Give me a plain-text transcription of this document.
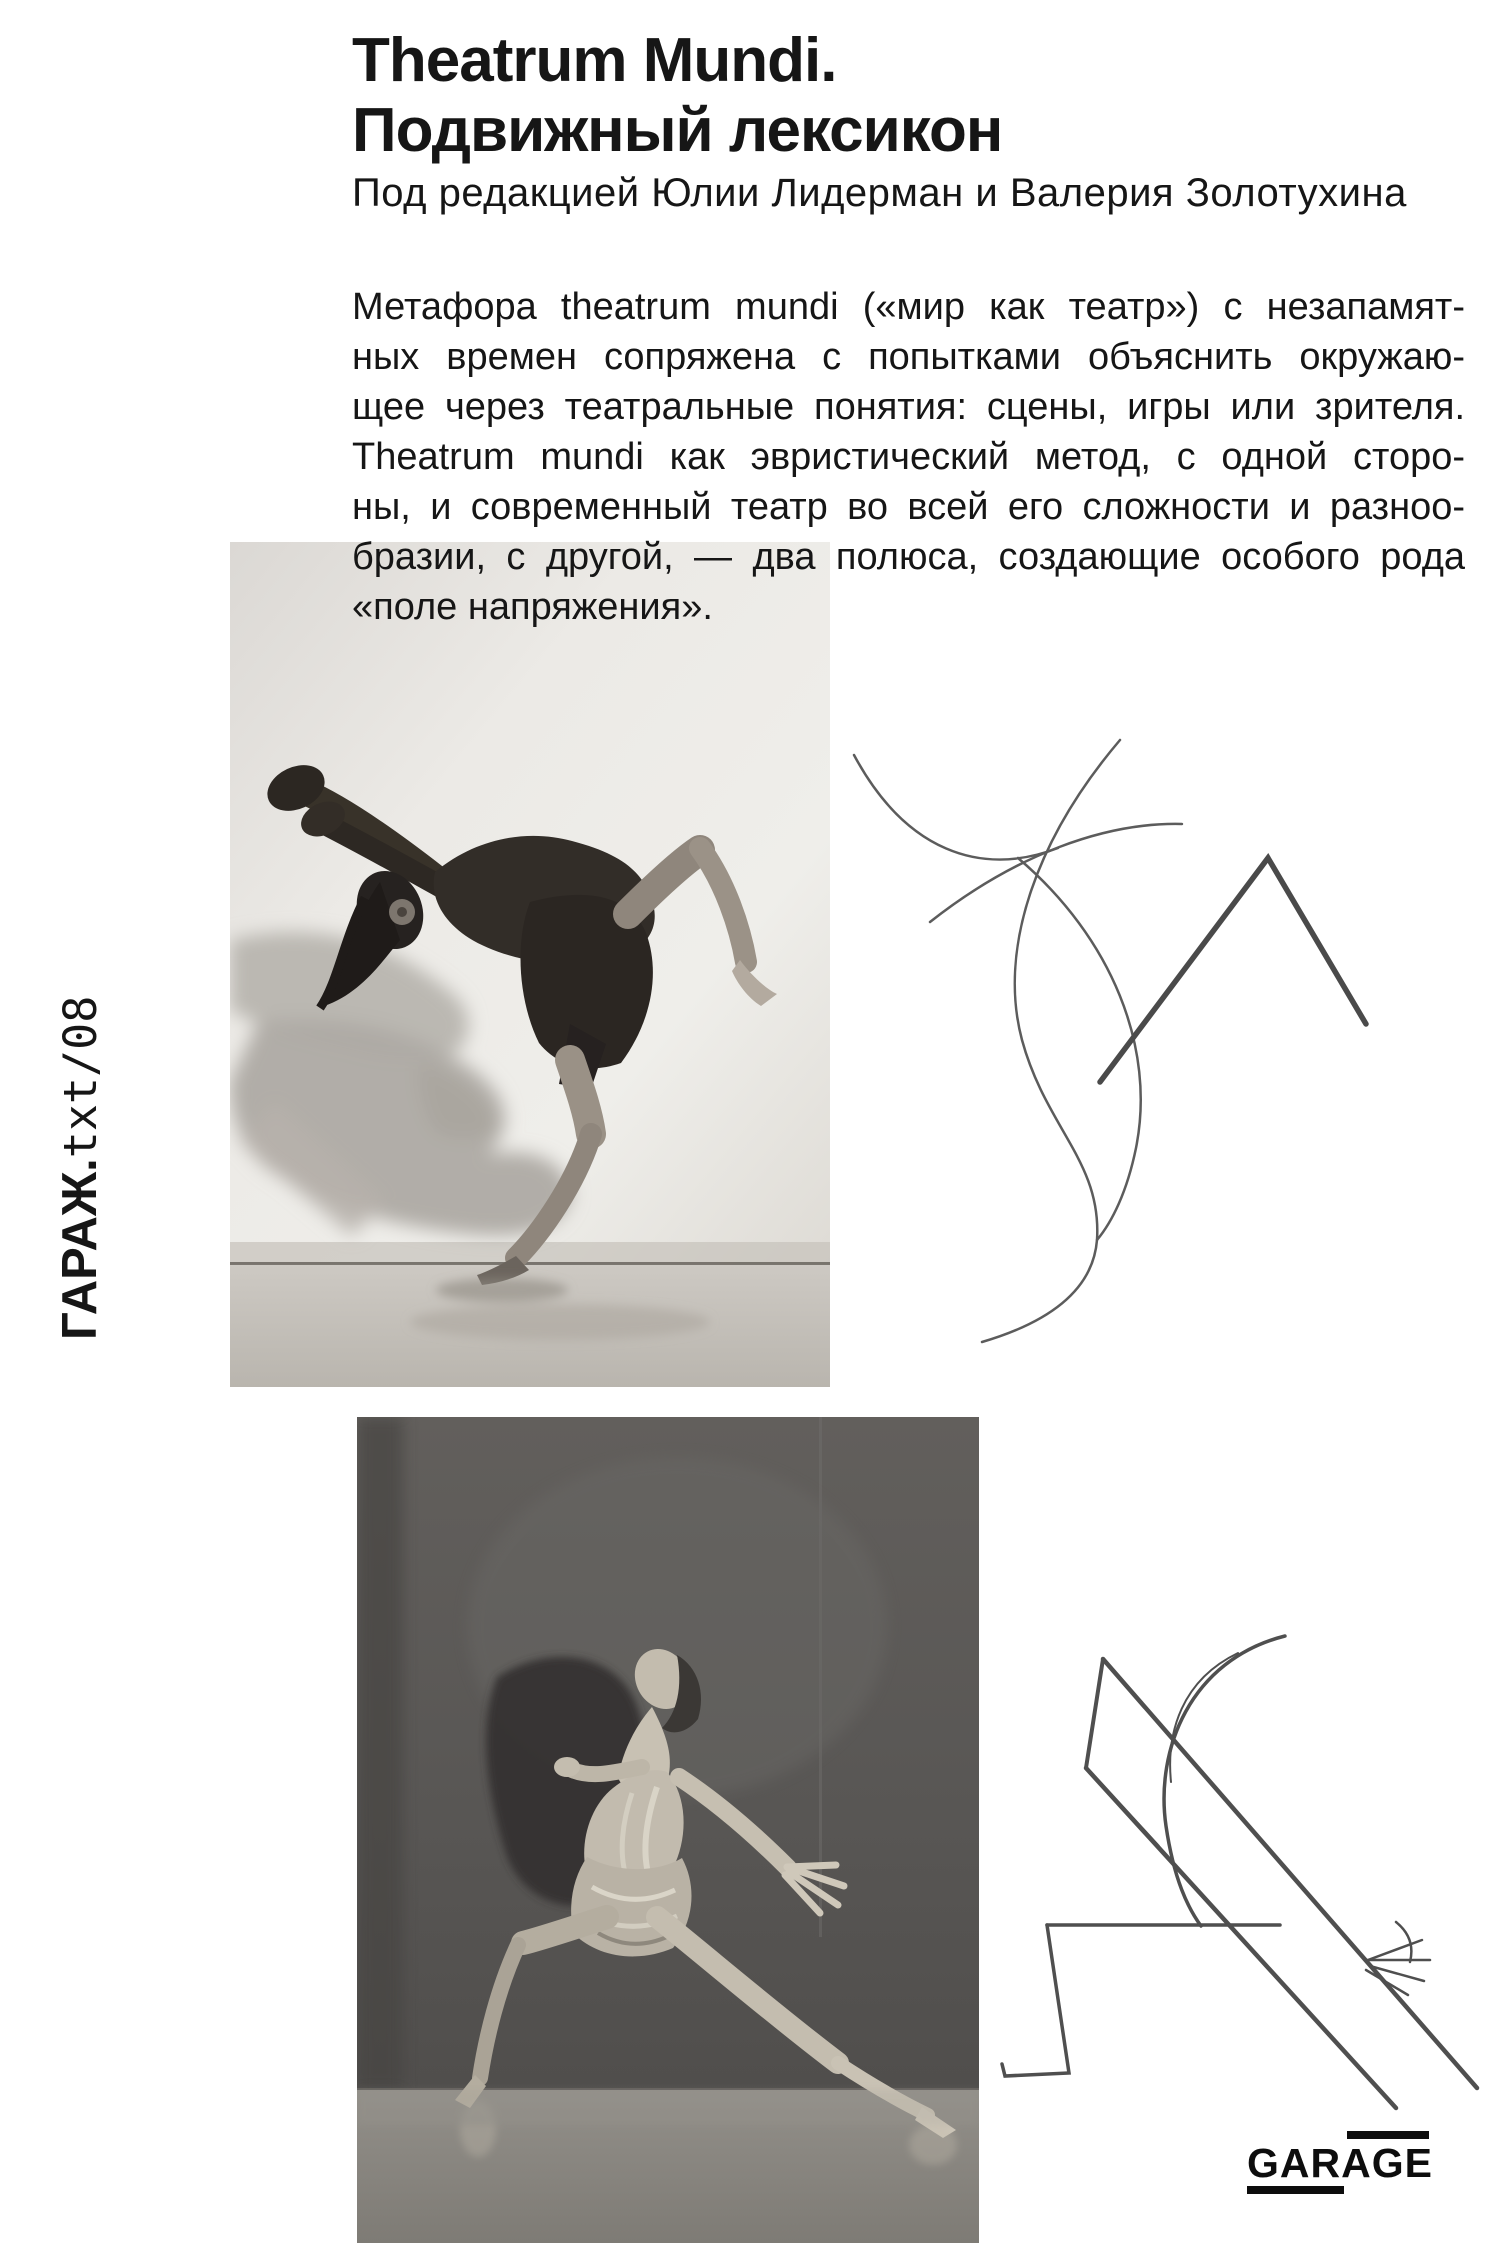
Theatrum Mundi.
Подвижный лексикон
Под редакцией Юлии Лидерман и Валерия Золотухина
Метафора theatrum mundi («мир как театр») с незапамят-
ных времен сопряжена с попытками объяснить окружаю-
щее через театральные понятия: сцены, игры или зрителя.
Theatrum mundi как эвристический метод, с одной сторо-
ны, и современный театр во всей его сложности и разноо-
бразии, с другой, — два полюса, создающие особого рода
«поле напряжения».
ГАРАЖ.txt/08
GARAGE
